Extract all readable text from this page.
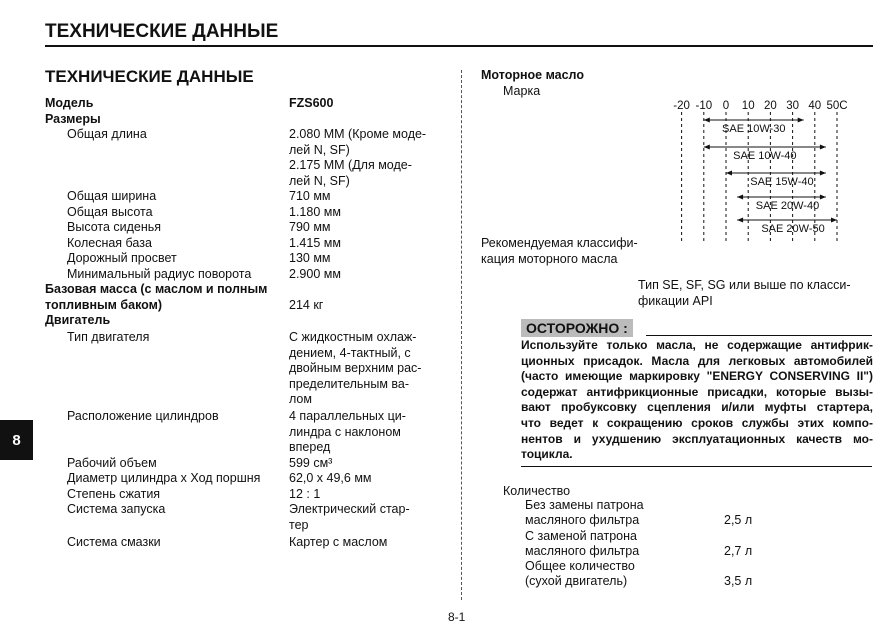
ТЕХНИЧЕСКИЕ ДАННЫЕ
ТЕХНИЧЕСКИЕ ДАННЫЕ
8
Модель	FZS600
Размеры
Общая длина	2.080 ММ (Кроме моде-
лей N, SF)
2.175 ММ (Для моде-
лей N, SF)
Общая ширина	710 мм
Общая высота	1.180 мм
Высота сиденья	790 мм
Колесная база	1.415 мм
Дорожный просвет	130 мм
Минимальный радиус поворота	2.900 мм
Базовая масса (с маслом и полным
топливным баком)	214 кг
Двигатель
Тип двигателя	С жидкостным охлаж-
дением, 4-тактный, с
двойным верхним рас-
пределительным ва-
лом
Расположение цилиндров	4 параллельных ци-
линдра с наклоном
вперед
Рабочий объем	599 см³
Диаметр цилиндра x Ход поршня 62,0 x 49,6 мм
Степень сжатия	12 : 1
Система запуска	Электрический стар-
тер
Система смазки	Картер с маслом
Моторное масло
Марка
-20 -10 0 10 20 30 40 50C
SAE 10W-30
SAE 10W-40
SAE 15W-40
SAE 20W-40
SAE 20W-50
Рекомендуемая классифи-
кация моторного масла
Тип SE, SF, SG или выше по класси-
фикации API
ОСТОРОЖНО :
Используйте только масла, не содержащие антифрик-
ционных присадок. Масла для легковых автомобилей
(часто имеющие маркировку "ENERGY CONSERVING II")
содержат антифрикционные присадки, которые вызы-
вают пробуксовку сцепления и/или муфты стартера,
что ведет к сокращению сроков службы этих компо-
нентов и ухудшению эксплуатационных качеств мо-
тоцикла.
Количество
Без замены патрона
масляного фильтра	2,5 л
С заменой патрона
масляного фильтра	2,7 л
Общее количество
(сухой двигатель)	3,5 л
8-1
